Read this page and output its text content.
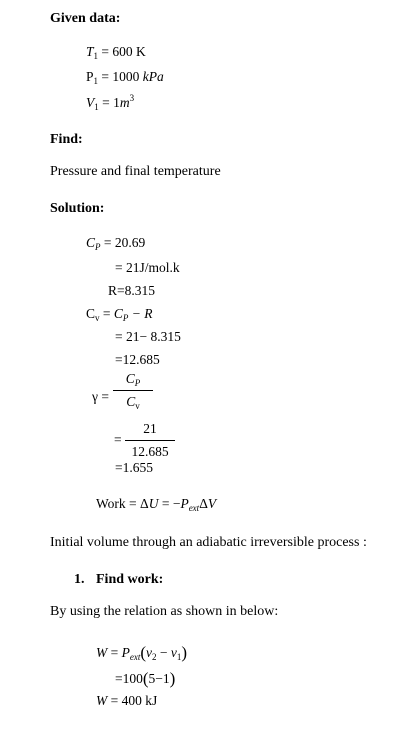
Given data:
$T_1 = 600$ K
$P_1 = 1000$ kPa
$V_1 = 1m^3$
Find:
Pressure and final temperature
Solution:
$C_P = 20.69$
= 21J/mol.k
R=8.315
$C_v = C_P - R$
= 21− 8.315
=12.685
γ =
$C_P$
$C_v$
=
21
12.685
=1.655
Work = $\Delta U = -P_{ext}\Delta V$
Initial volume through an adiabatic irreversible process :
1. Find work:
By using the relation as shown in below:
$W = P_{ext}(v_2 - v_1)$
=100(5−1)
W = 400 kJ
